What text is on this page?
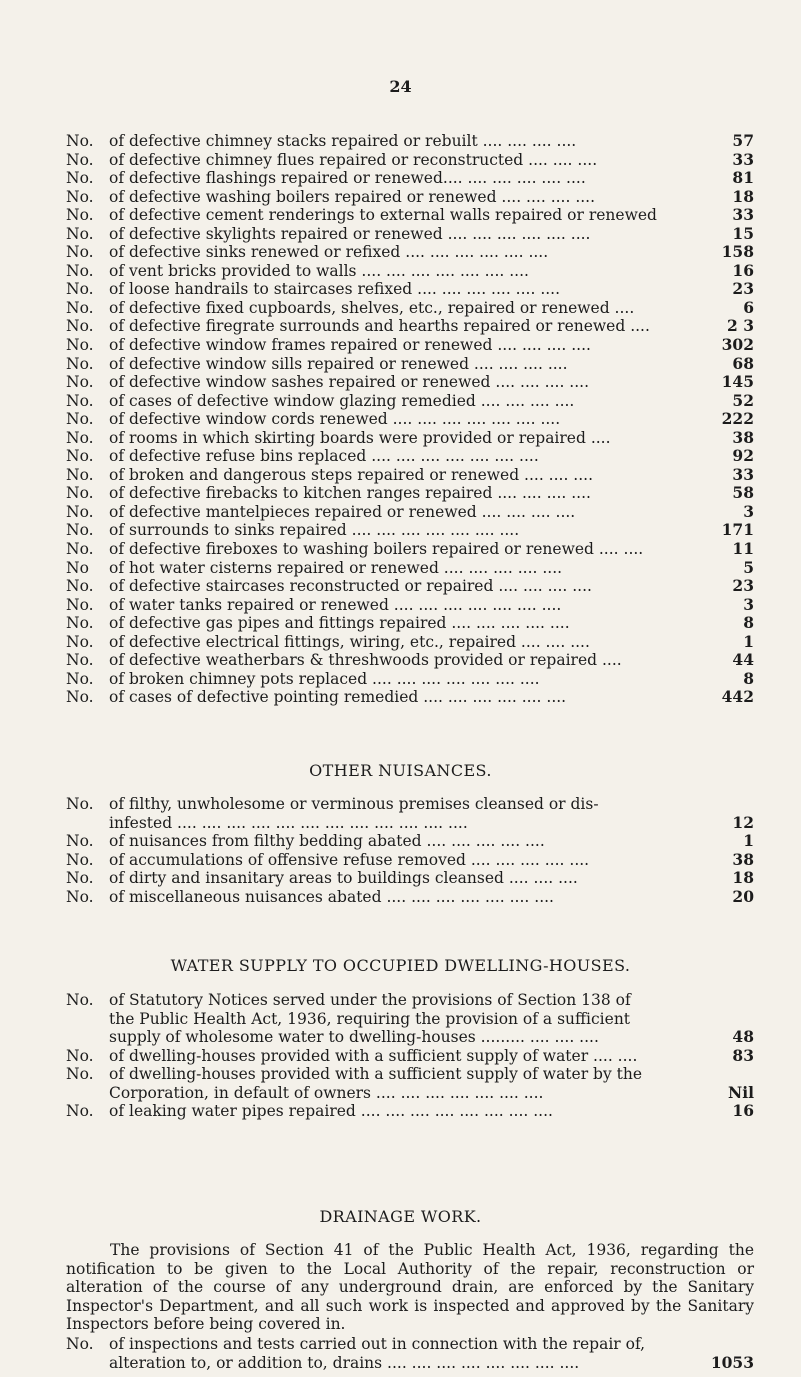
24
No. of defective chimney stacks repaired or rebuilt .... .... .... ....	57
No. of defective chimney flues repaired or reconstructed .... .... ....	33
No. of defective flashings repaired or renewed.... .... .... .... .... ....	81
No. of defective washing boilers repaired or renewed .... .... .... ....	18
No. of defective cement renderings to external walls repaired or renewed	33
No. of defective skylights repaired or renewed .... .... .... .... .... ....	15
No. of defective sinks renewed or refixed .... .... .... .... .... ....	158
No. of vent bricks provided to walls .... .... .... .... .... .... ....	16
No. of loose handrails to staircases refixed .... .... .... .... .... ....	23
No. of defective fixed cupboards, shelves, etc., repaired or renewed ....	6
No. of defective firegrate surrounds and hearths repaired or renewed ....	2 3
No. of defective window frames repaired or renewed .... .... .... ....	302
No. of defective window sills repaired or renewed .... .... .... ....	68
No. of defective window sashes repaired or renewed .... .... .... ....	145
No. of cases of defective window glazing remedied .... .... .... ....	52
No. of defective window cords renewed .... .... .... .... .... .... ....	222
No. of rooms in which skirting boards were provided or repaired ....	38
No. of defective refuse bins replaced .... .... .... .... .... .... ....	92
No. of broken and dangerous steps repaired or renewed .... .... ....	33
No. of defective firebacks to kitchen ranges repaired .... .... .... ....	58
No. of defective mantelpieces repaired or renewed .... .... .... ....	3
No. of surrounds to sinks repaired .... .... .... .... .... .... ....	171
No. of defective fireboxes to washing boilers repaired or renewed .... ....	11
No	of hot water cisterns repaired or renewed .... .... .... .... ....	5
No. of defective staircases reconstructed or repaired .... .... .... ....	23
No. of water tanks repaired or renewed .... .... .... .... .... .... ....	3
No. of defective gas pipes and fittings repaired .... .... .... .... ....	8
No. of defective electrical fittings, wiring, etc., repaired .... .... ....	1
No. of defective weatherbars & threshwoods provided or repaired ....	44
No. of broken chimney pots replaced .... .... .... .... .... .... ....	8
No. of cases of defective pointing remedied .... .... .... .... .... ....	442
OTHER NUISANCES.
No. of filthy, unwholesome or verminous premises cleansed or dis-
infested .... .... .... .... .... .... .... .... .... .... .... ....	12
No. of nuisances from filthy bedding abated .... .... .... .... ....	1
No. of accumulations of offensive refuse removed .... .... .... .... ....	38
No. of dirty and insanitary areas to buildings cleansed .... .... ....	18
No. of miscellaneous nuisances abated .... .... .... .... .... .... ....	20
WATER SUPPLY TO OCCUPIED DWELLING-HOUSES.
No. of Statutory Notices served under the provisions of Section 138 of
the Public Health Act, 1936, requiring the provision of a sufficient
supply of wholesome water to dwelling-houses ......... .... .... ....	48
No. of dwelling-houses provided with a sufficient supply of water .... ....	83
No. of dwelling-houses provided with a sufficient supply of water by the
Corporation, in default of owners .... .... .... .... .... .... ....	Nil
No. of leaking water pipes repaired .... .... .... .... .... .... .... ....	16
DRAINAGE WORK.
The provisions of Section 41 of the Public Health Act, 1936, regarding the notification to be given to the Local Authority of the repair, reconstruction or alteration of the course of any underground drain, are enforced by the Sanitary Inspector's Department, and all such work is inspected and approved by the Sanitary Inspectors before being covered in.
No. of inspections and tests carried out in connection with the repair of,
alteration to, or addition to, drains .... .... .... .... .... .... .... ....	1053
